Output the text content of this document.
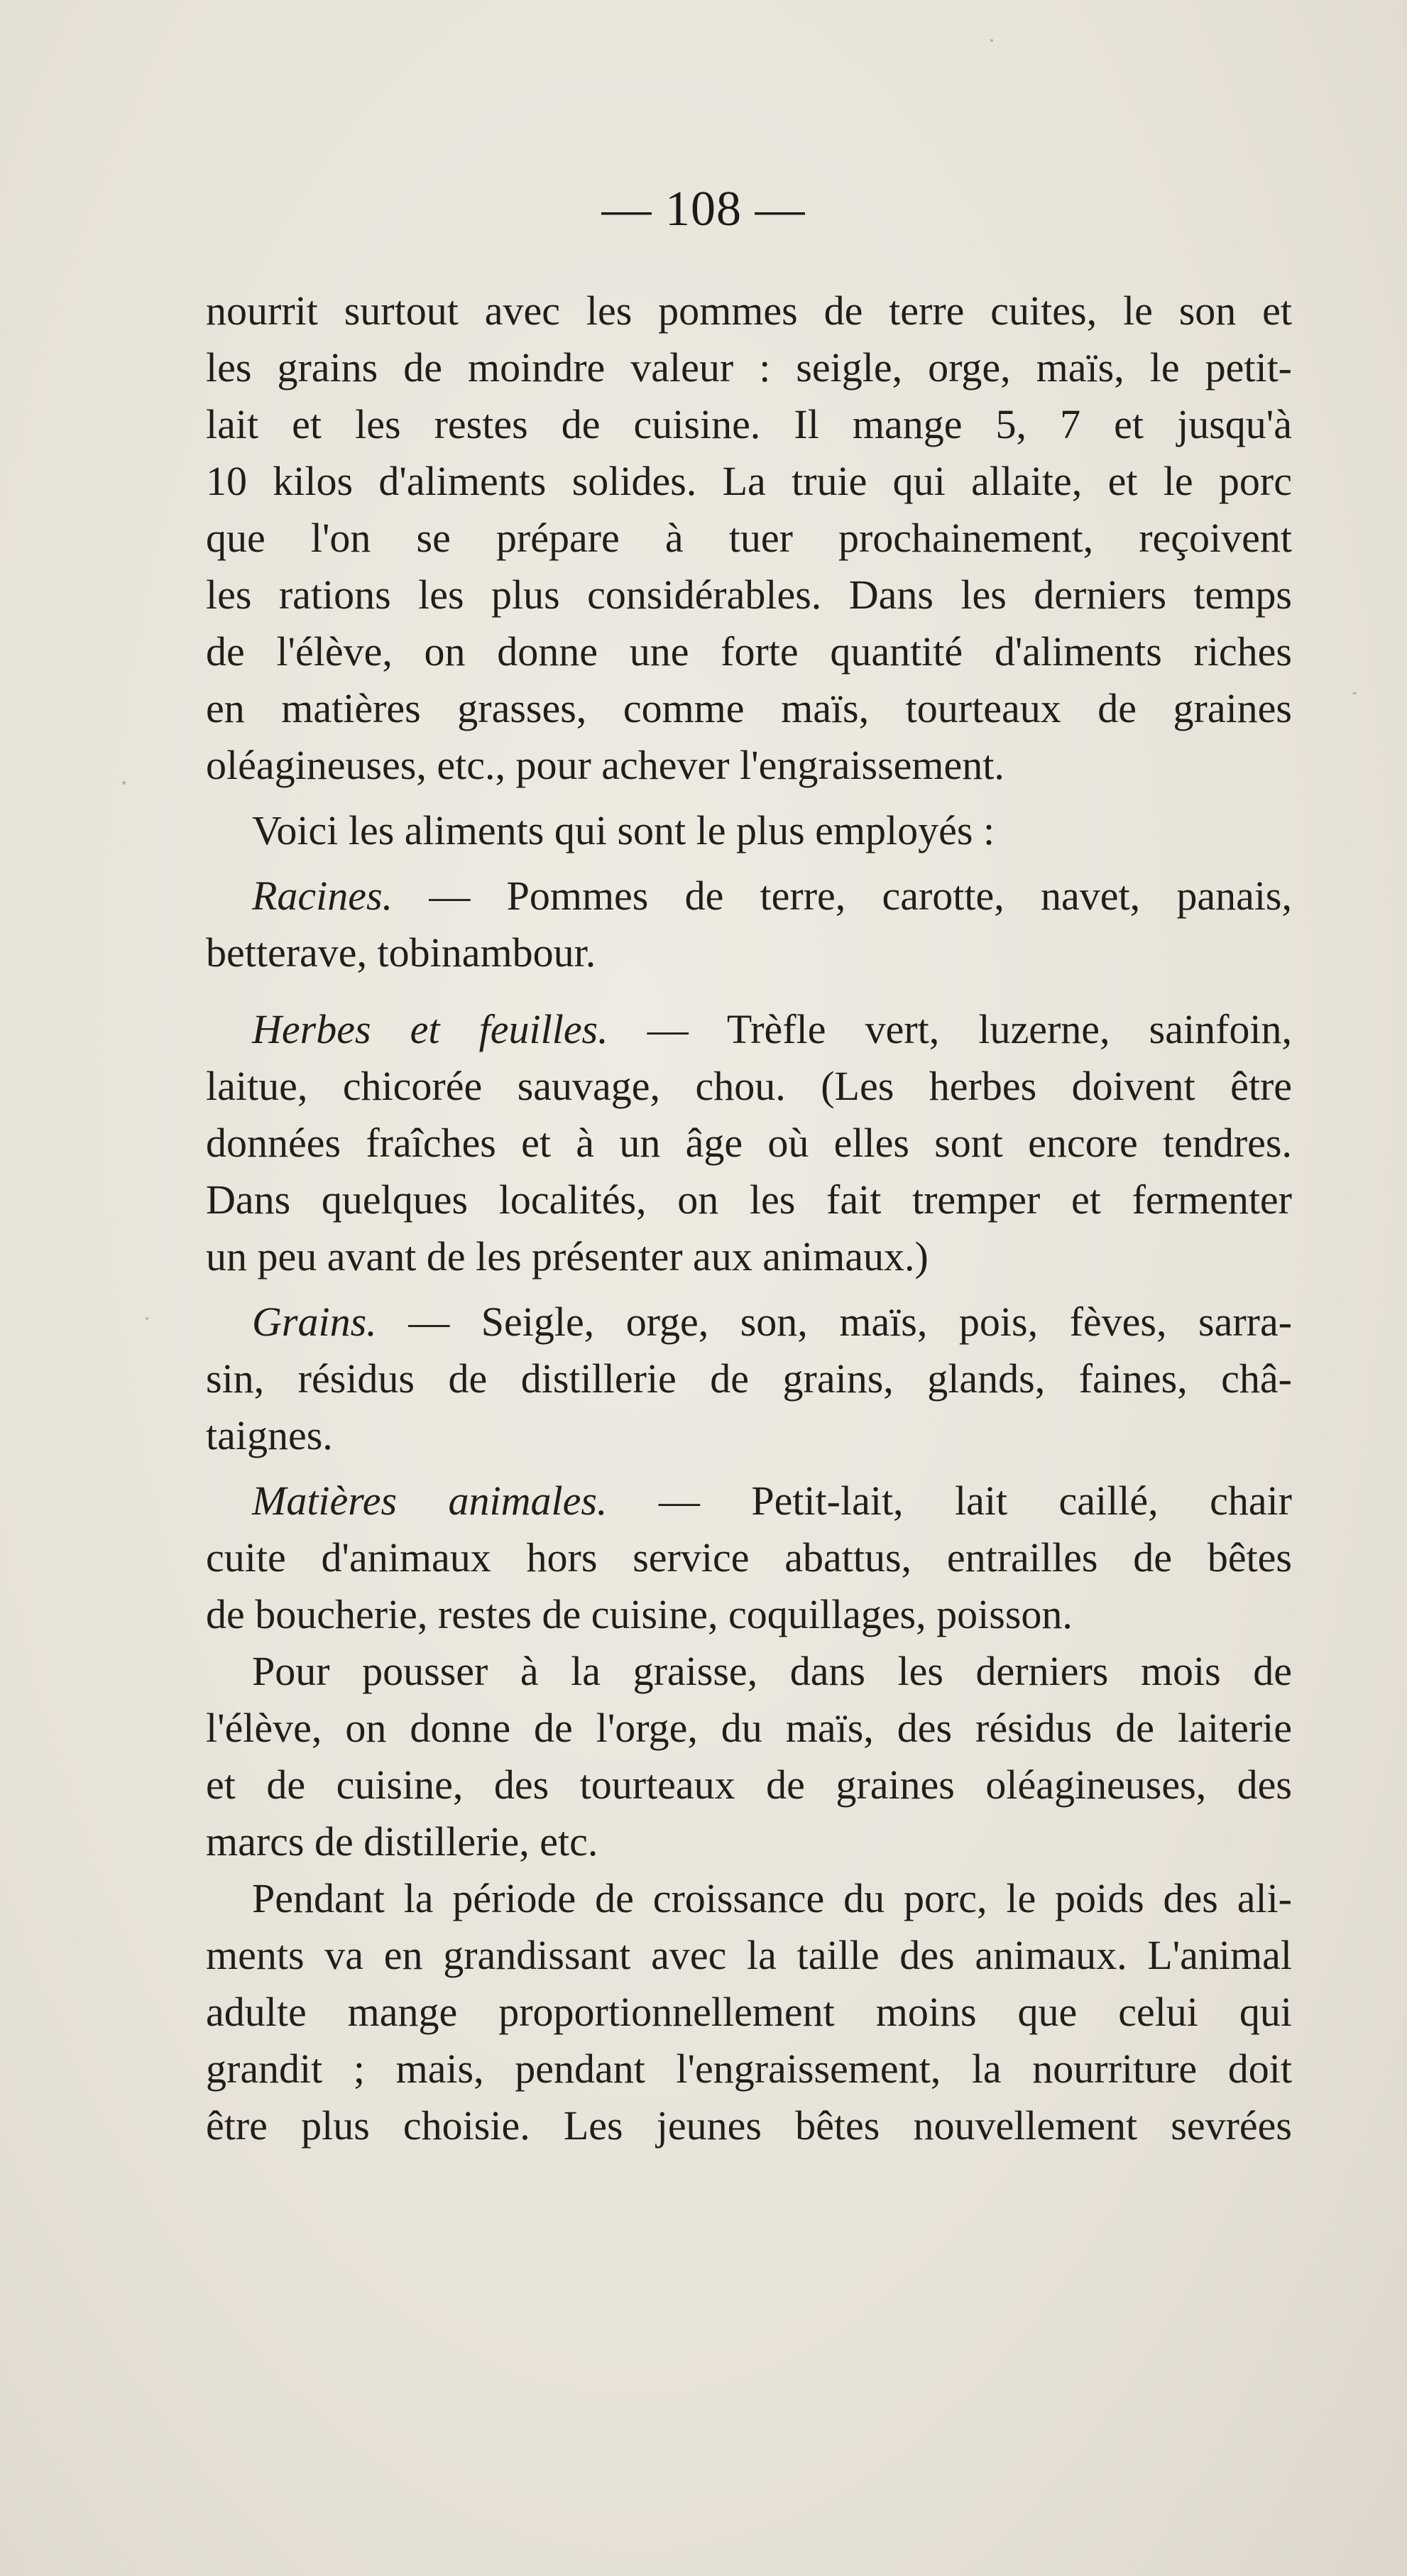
— 108 —
nourrit surtout avec les pommes de terre cuites, le son et
les grains de moindre valeur : seigle, orge, maïs, le petit-
lait et les restes de cuisine. Il mange 5, 7 et jusqu'à
10 kilos d'aliments solides. La truie qui allaite, et le porc
que l'on se prépare à tuer prochainement, reçoivent
les rations les plus considérables. Dans les derniers temps
de l'élève, on donne une forte quantité d'aliments riches
en matières grasses, comme maïs, tourteaux de graines
oléagineuses, etc., pour achever l'engraissement.
Voici les aliments qui sont le plus employés :
Racines. — Pommes de terre, carotte, navet, panais,
betterave, tobinambour.
Herbes et feuilles. — Trèfle vert, luzerne, sainfoin,
laitue, chicorée sauvage, chou. (Les herbes doivent être
données fraîches et à un âge où elles sont encore tendres.
Dans quelques localités, on les fait tremper et fermenter
un peu avant de les présenter aux animaux.)
Grains. — Seigle, orge, son, maïs, pois, fèves, sarra-
sin, résidus de distillerie de grains, glands, faines, châ-
taignes.
Matières animales. — Petit-lait, lait caillé, chair
cuite d'animaux hors service abattus, entrailles de bêtes
de boucherie, restes de cuisine, coquillages, poisson.
Pour pousser à la graisse, dans les derniers mois de
l'élève, on donne de l'orge, du maïs, des résidus de laiterie
et de cuisine, des tourteaux de graines oléagineuses, des
marcs de distillerie, etc.
Pendant la période de croissance du porc, le poids des ali-
ments va en grandissant avec la taille des animaux. L'animal
adulte mange proportionnellement moins que celui qui
grandit ; mais, pendant l'engraissement, la nourriture doit
être plus choisie. Les jeunes bêtes nouvellement sevrées
